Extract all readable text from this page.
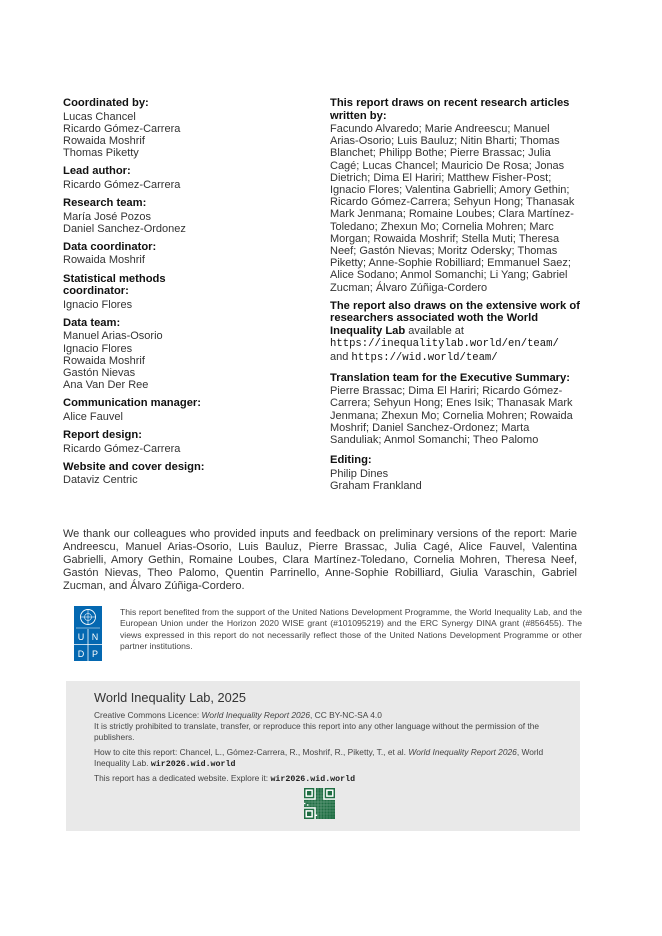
Coordinated by:
Lucas Chancel
Ricardo Gómez-Carrera
Rowaida Moshrif
Thomas Piketty
Lead author:
Ricardo Gómez-Carrera
Research team:
María José Pozos
Daniel Sanchez-Ordonez
Data coordinator:
Rowaida Moshrif
Statistical methods coordinator:
Ignacio Flores
Data team:
Manuel Arias-Osorio
Ignacio Flores
Rowaida Moshrif
Gastón Nievas
Ana Van Der Ree
Communication manager:
Alice Fauvel
Report design:
Ricardo Gómez-Carrera
Website and cover design:
Dataviz Centric
This report draws on recent research articles written by:
Facundo Alvaredo; Marie Andreescu; Manuel Arias-Osorio; Luis Bauluz; Nitin Bharti; Thomas Blanchet; Philipp Bothe; Pierre Brassac; Julia Cagé; Lucas Chancel; Mauricio De Rosa; Jonas Dietrich; Dima El Hariri; Matthew Fisher-Post; Ignacio Flores; Valentina Gabrielli; Amory Gethin; Ricardo Gómez-Carrera; Sehyun Hong; Thanasak Mark Jenmana; Romaine Loubes; Clara Martínez-Toledano; Zhexun Mo; Cornelia Mohren; Marc Morgan; Rowaida Moshrif; Stella Muti; Theresa Neef; Gastón Nievas; Moritz Odersky; Thomas Piketty; Anne-Sophie Robilliard; Emmanuel Saez; Alice Sodano; Anmol Somanchi; Li Yang; Gabriel Zucman; Álvaro Zúñiga-Cordero
The report also draws on the extensive work of researchers associated woth the World Inequality Lab available at https://inequalitylab.world/en/team/ and https://wid.world/team/
Translation team for the Executive Summary:
Pierre Brassac; Dima El Hariri; Ricardo Gómez-Carrera; Sehyun Hong; Enes Isik; Thanasak Mark Jenmana; Zhexun Mo; Cornelia Mohren; Rowaida Moshrif; Daniel Sanchez-Ordonez; Marta Sanduliak; Anmol Somanchi; Theo Palomo
Editing:
Philip Dines
Graham Frankland
We thank our colleagues who provided inputs and feedback on preliminary versions of the report: Marie Andreescu, Manuel Arias-Osorio, Luis Bauluz, Pierre Brassac, Julia Cagé, Alice Fauvel, Valentina Gabrielli, Amory Gethin, Romaine Loubes, Clara Martínez-Toledano, Cornelia Mohren, Theresa Neef, Gastón Nievas, Theo Palomo, Quentin Parrinello, Anne-Sophie Robilliard, Giulia Varaschin, Gabriel Zucman, and Álvaro Zúñiga-Cordero.
U N
D P
This report benefited from the support of the United Nations Development Programme, the World Inequality Lab, and the European Union under the Horizon 2020 WISE grant (#101095219) and the ERC Synergy DINA grant (#856455). The views expressed in this report do not necessarily reflect those of the United Nations Development Programme or other partner institutions.
World Inequality Lab, 2025

Creative Commons Licence: World Inequality Report 2026, CC BY-NC-SA 4.0

It is strictly prohibited to translate, transfer, or reproduce this report into any other language without the permission of the publishers.

How to cite this report: Chancel, L., Gómez-Carrera, R., Moshrif, R., Piketty, T., et al. World Inequality Report 2026, World Inequality Lab. wir2026.wid.world

This report has a dedicated website. Explore it: wir2026.wid.world
